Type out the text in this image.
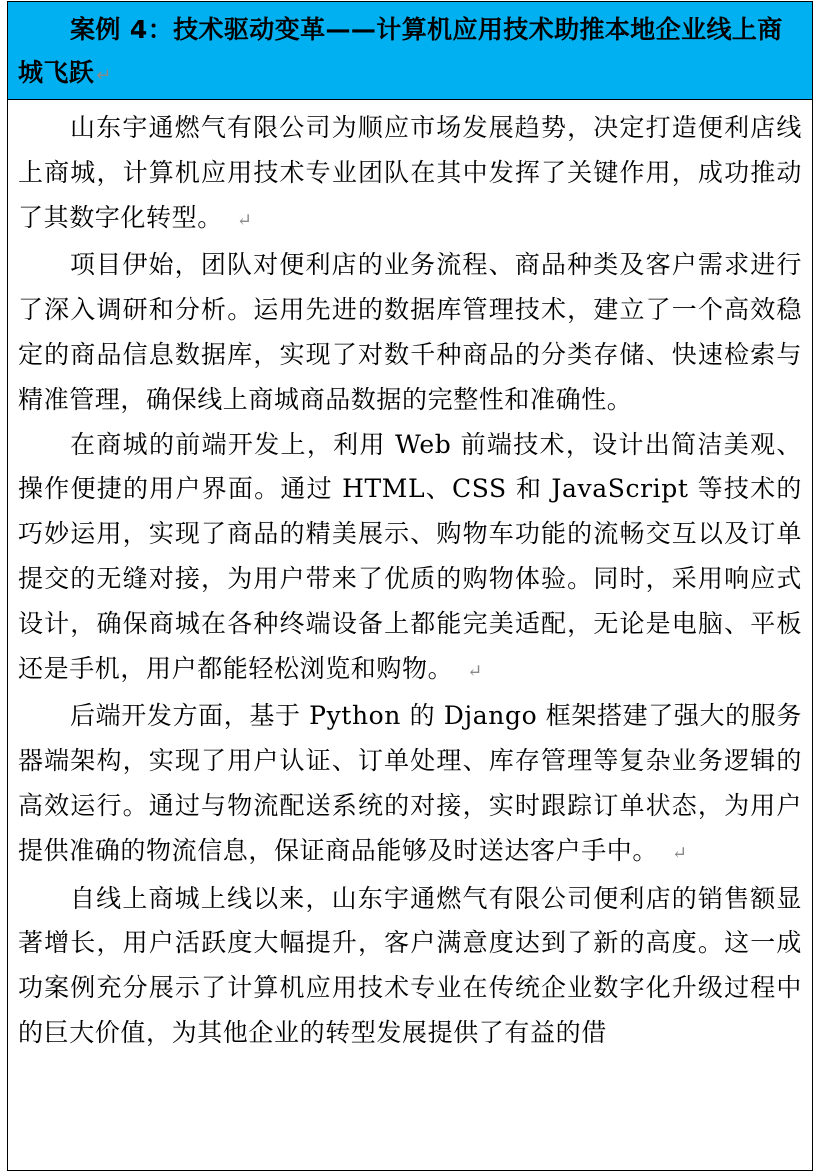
案例 4：技术驱动变革——计算机应用技术助推本地企业线上商城飞跃 ↵

山东宇通燃气有限公司为顺应市场发展趋势，决定打造便利店线上商城，计算机应用技术专业团队在其中发挥了关键作用，成功推动了其数字化转型。 ↵

项目伊始，团队对便利店的业务流程、商品种类及客户需求进行了深入调研和分析。运用先进的数据库管理技术，建立了一个高效稳定的商品信息数据库，实现了对数千种商品的分类存储、快速检索与精准管理，确保线上商城商品数据的完整性和准确性。

在商城的前端开发上，利用 Web 前端技术，设计出简洁美观、操作便捷的用户界面。通过 HTML、CSS 和 JavaScript 等技术的巧妙运用，实现了商品的精美展示、购物车功能的流畅交互以及订单提交的无缝对接，为用户带来了优质的购物体验。同时，采用响应式设计，确保商城在各种终端设备上都能完美适配，无论是电脑、平板还是手机，用户都能轻松浏览和购物。 ↵

后端开发方面，基于 Python 的 Django 框架搭建了强大的服务器端架构，实现了用户认证、订单处理、库存管理等复杂业务逻辑的高效运行。通过与物流配送系统的对接，实时跟踪订单状态，为用户提供准确的物流信息，保证商品能够及时送达客户手中。 ↵

自线上商城上线以来，山东宇通燃气有限公司便利店的销售额显著增长，用户活跃度大幅提升，客户满意度达到了新的高度。这一成功案例充分展示了计算机应用技术专业在传统企业数字化升级过程中的巨大价值，为其他企业的转型发展提供了有益的借
